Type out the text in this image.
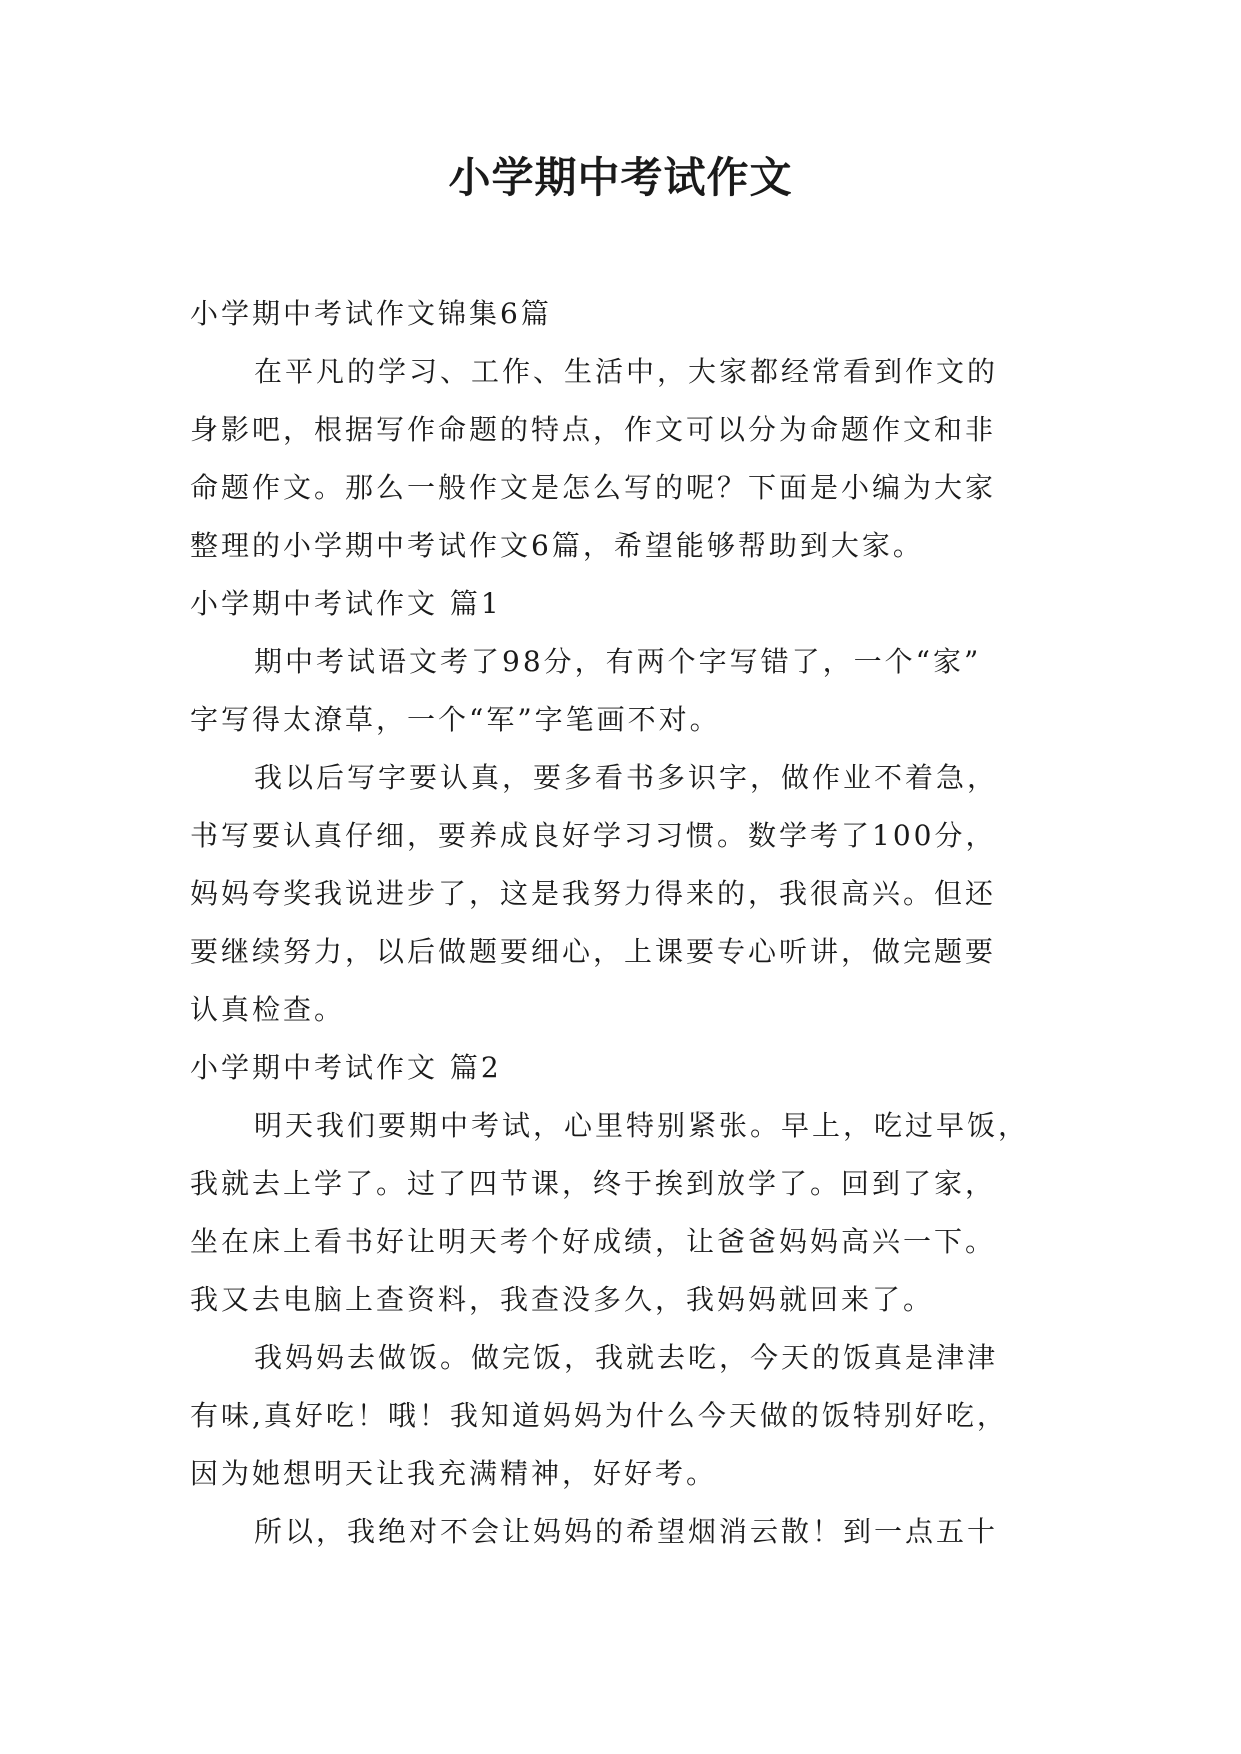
小学期中考试作文

小学期中考试作文锦集6篇

在平凡的学习、工作、生活中，大家都经常看到作文的

身影吧，根据写作命题的特点，作文可以分为命题作文和非

命题作文。那么一般作文是怎么写的呢？下面是小编为大家

整理的小学期中考试作文6篇，希望能够帮助到大家。

小学期中考试作文 篇1

期中考试语文考了98分，有两个字写错了，一个“家”

字写得太潦草，一个“军”字笔画不对。

我以后写字要认真，要多看书多识字，做作业不着急，

书写要认真仔细，要养成良好学习习惯。数学考了100分，

妈妈夸奖我说进步了，这是我努力得来的，我很高兴。但还

要继续努力，以后做题要细心，上课要专心听讲，做完题要

认真检查。

小学期中考试作文 篇2

明天我们要期中考试，心里特别紧张。早上，吃过早饭，

我就去上学了。过了四节课，终于挨到放学了。回到了家，

坐在床上看书好让明天考个好成绩，让爸爸妈妈高兴一下。

我又去电脑上查资料，我查没多久，我妈妈就回来了。

我妈妈去做饭。做完饭，我就去吃，今天的饭真是津津

有味,真好吃！哦！我知道妈妈为什么今天做的饭特别好吃，

因为她想明天让我充满精神，好好考。

所以，我绝对不会让妈妈的希望烟消云散！到一点五十
